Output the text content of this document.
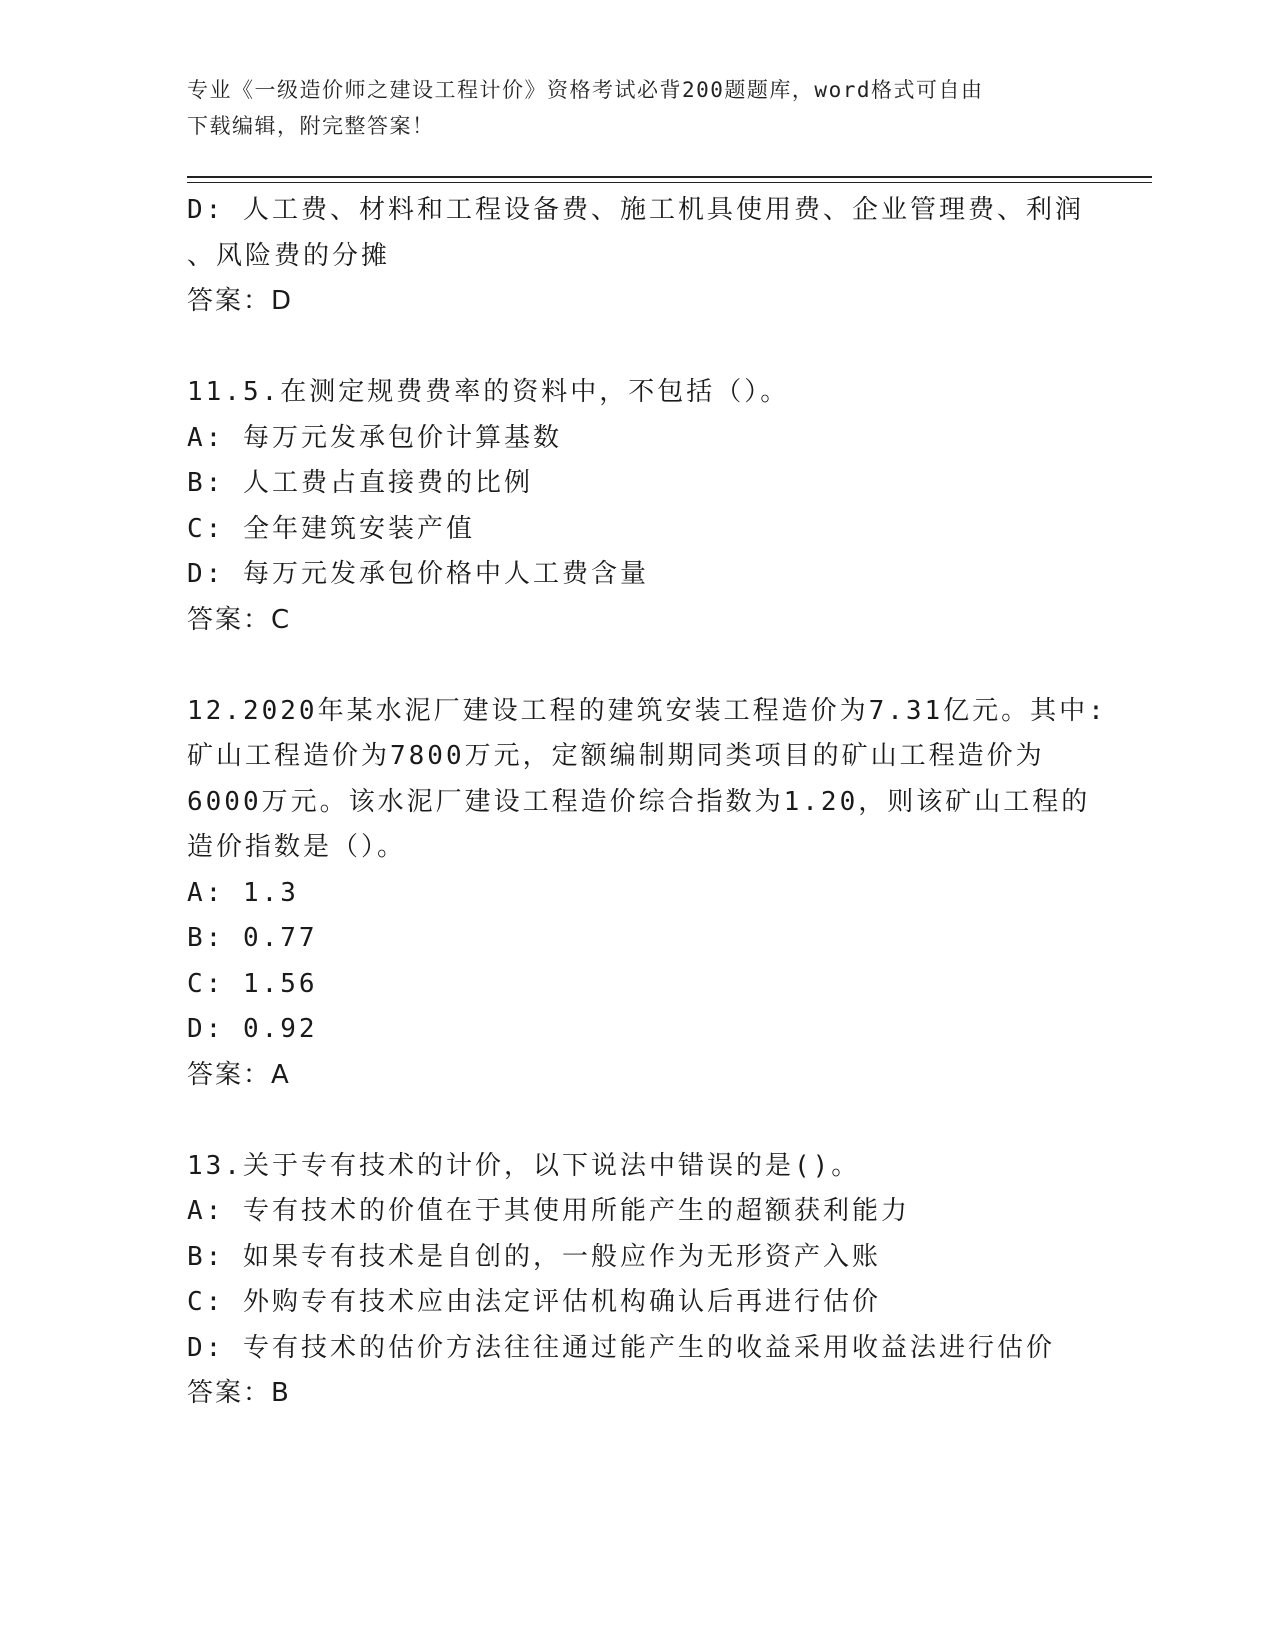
专业《一级造价师之建设工程计价》资格考试必背200题题库，word格式可自由
下载编辑，附完整答案！
D: 人工费、材料和工程设备费、施工机具使用费、企业管理费、利润
、风险费的分摊
答案：D
11.5.在测定规费费率的资料中，不包括（）。
A: 每万元发承包价计算基数
B: 人工费占直接费的比例
C: 全年建筑安装产值
D: 每万元发承包价格中人工费含量
答案：C
12.2020年某水泥厂建设工程的建筑安装工程造价为7.31亿元。其中:
矿山工程造价为7800万元，定额编制期同类项目的矿山工程造价为
6000万元。该水泥厂建设工程造价综合指数为1.20，则该矿山工程的
造价指数是（）。
A: 1.3
B: 0.77
C: 1.56
D: 0.92
答案：A
13.关于专有技术的计价，以下说法中错误的是()。
A: 专有技术的价值在于其使用所能产生的超额获利能力
B: 如果专有技术是自创的，一般应作为无形资产入账
C: 外购专有技术应由法定评估机构确认后再进行估价
D: 专有技术的估价方法往往通过能产生的收益采用收益法进行估价
答案：B
